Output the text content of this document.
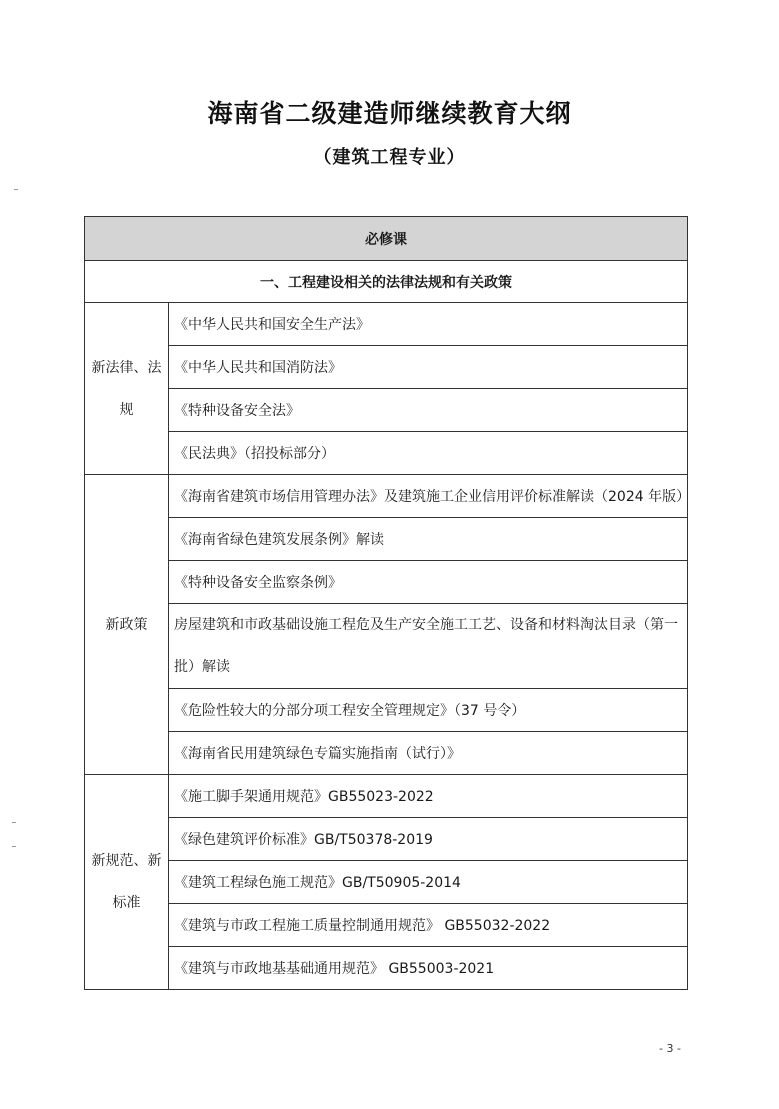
海南省二级建造师继续教育大纲
（建筑工程专业）
必修课	
一、工程建设相关的法律法规和有关政策	
新法律、法规	《中华人民共和国安全生产法》
	《中华人民共和国消防法》
	《特种设备安全法》
	《民法典》（招投标部分）
新政策	《海南省建筑市场信用管理办法》及建筑施工企业信用评价标准解读（2024 年版）
	《海南省绿色建筑发展条例》解读
	《特种设备安全监察条例》
	房屋建筑和市政基础设施工程危及生产安全施工工艺、设备和材料淘汰目录（第一批）解读
	《危险性较大的分部分项工程安全管理规定》（37 号令）
	《海南省民用建筑绿色专篇实施指南（试行）》
新规范、新标准	《施工脚手架通用规范》GB55023-2022
	《绿色建筑评价标准》GB/T50378-2019
	《建筑工程绿色施工规范》GB/T50905-2014
	《建筑与市政工程施工质量控制通用规范》 GB55032-2022
	《建筑与市政地基基础通用规范》 GB55003-2021
- 3 -
